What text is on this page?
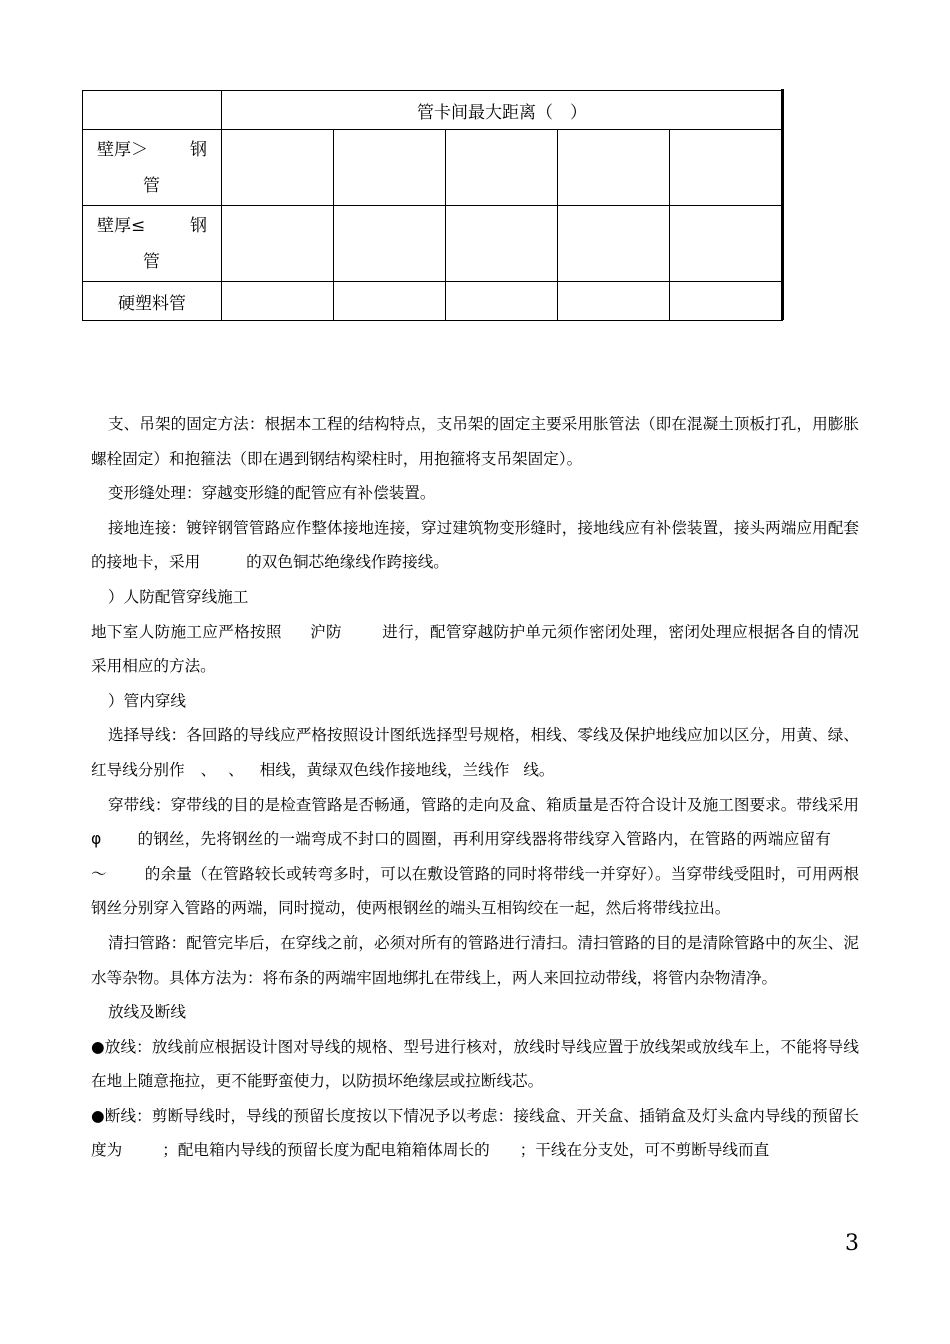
	管卡间最大距离（　）				

壁厚＞ 钢
管					

壁厚≤ 钢
管					

硬塑料管					

支、吊架的固定方法：根据本工程的结构特点，支吊架的固定主要采用胀管法（即在混凝土顶板打孔，用膨胀螺栓固定）和抱箍法（即在遇到钢结构梁柱时，用抱箍将支吊架固定）。

变形缝处理：穿越变形缝的配管应有补偿装置。

接地连接：镀锌钢管管路应作整体接地连接，穿过建筑物变形缝时，接地线应有补偿装置，接头两端应用配套的接地卡，采用	的双色铜芯绝缘线作跨接线。

）人防配管穿线施工

地下室人防施工应严格按照 沪防	进行，配管穿越防护单元须作密闭处理，密闭处理应根据各自的情况采用相应的方法。

）管内穿线

选择导线：各回路的导线应严格按照设计图纸选择型号规格，相线、零线及保护地线应加以区分，用黄、绿、红导线分别作 、 、 相线，黄绿双色线作接地线，兰线作 线。

穿带线：穿带线的目的是检查管路是否畅通，管路的走向及盒、箱质量是否符合设计及施工图要求。带线采用φ 的钢丝，先将钢丝的一端弯成不封口的圆圈，再利用穿线器将带线穿入管路内，在管路的两端应留有～ 的余量（在管路较长或转弯多时，可以在敷设管路的同时将带线一并穿好）。当穿带线受阻时，可用两根钢丝分别穿入管路的两端，同时搅动，使两根钢丝的端头互相钩绞在一起，然后将带线拉出。

清扫管路：配管完毕后，在穿线之前，必须对所有的管路进行清扫。清扫管路的目的是清除管路中的灰尘、泥水等杂物。具体方法为：将布条的两端牢固地绑扎在带线上，两人来回拉动带线，将管内杂物清净。

放线及断线

●放线：放线前应根据设计图对导线的规格、型号进行核对，放线时导线应置于放线架或放线车上，不能将导线在地上随意拖拉，更不能野蛮使力，以防损坏绝缘层或拉断线芯。

●断线：剪断导线时，导线的预留长度按以下情况予以考虑：接线盒、开关盒、插销盒及灯头盒内导线的预留长度为	；配电箱内导线的预留长度为配电箱箱体周长的 ；干线在分支处，可不剪断导线而直

3
